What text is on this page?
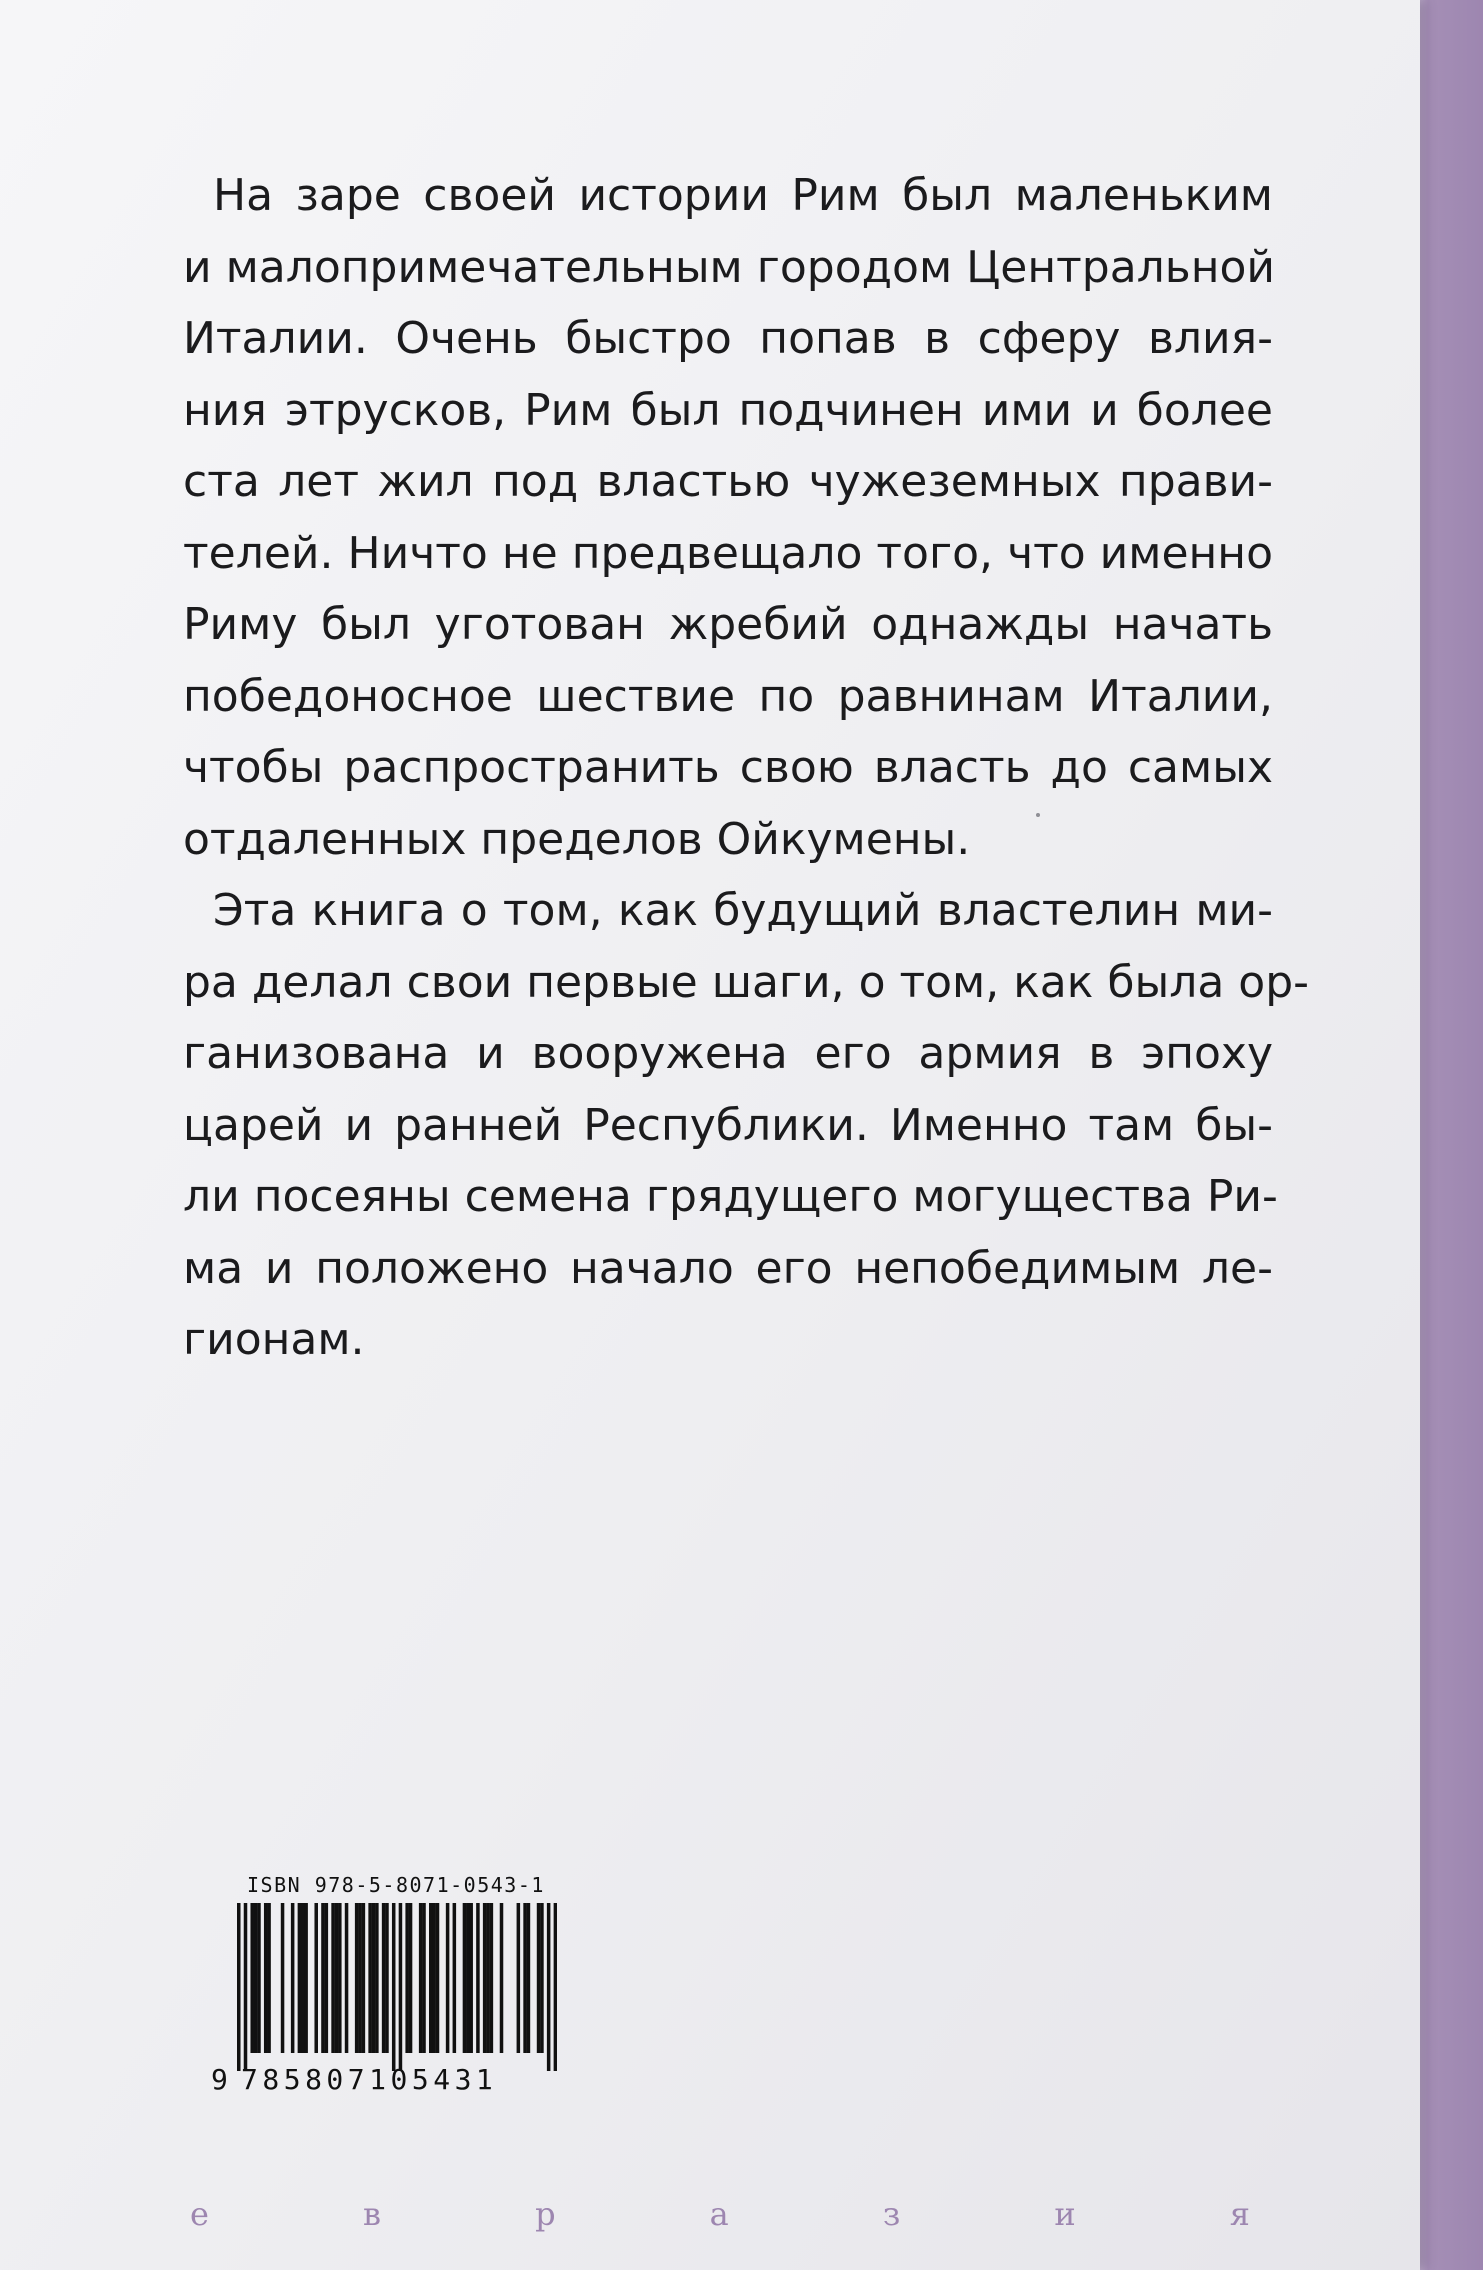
На заре своей истории Рим был маленьким
и малопримечательным городом Центральной
Италии. Очень быстро попав в сферу влия-
ния этрусков, Рим был подчинен ими и более
ста лет жил под властью чужеземных прави-
телей. Ничто не предвещало того, что именно
Риму был уготован жребий однажды начать
победоносное шествие по равнинам Италии,
чтобы распространить свою власть до самых
отдаленных пределов Ойкумены.
Эта книга о том, как будущий властелин ми-
ра делал свои первые шаги, о том, как была ор-
ганизована и вооружена его армия в эпоху
царей и ранней Республики. Именно там бы-
ли посеяны семена грядущего могущества Ри-
ма и положено начало его непобедимым ле-
гионам.
ISBN 978-5-8071-0543-1
9 785807105431
е	в	р	а	з	и	я
